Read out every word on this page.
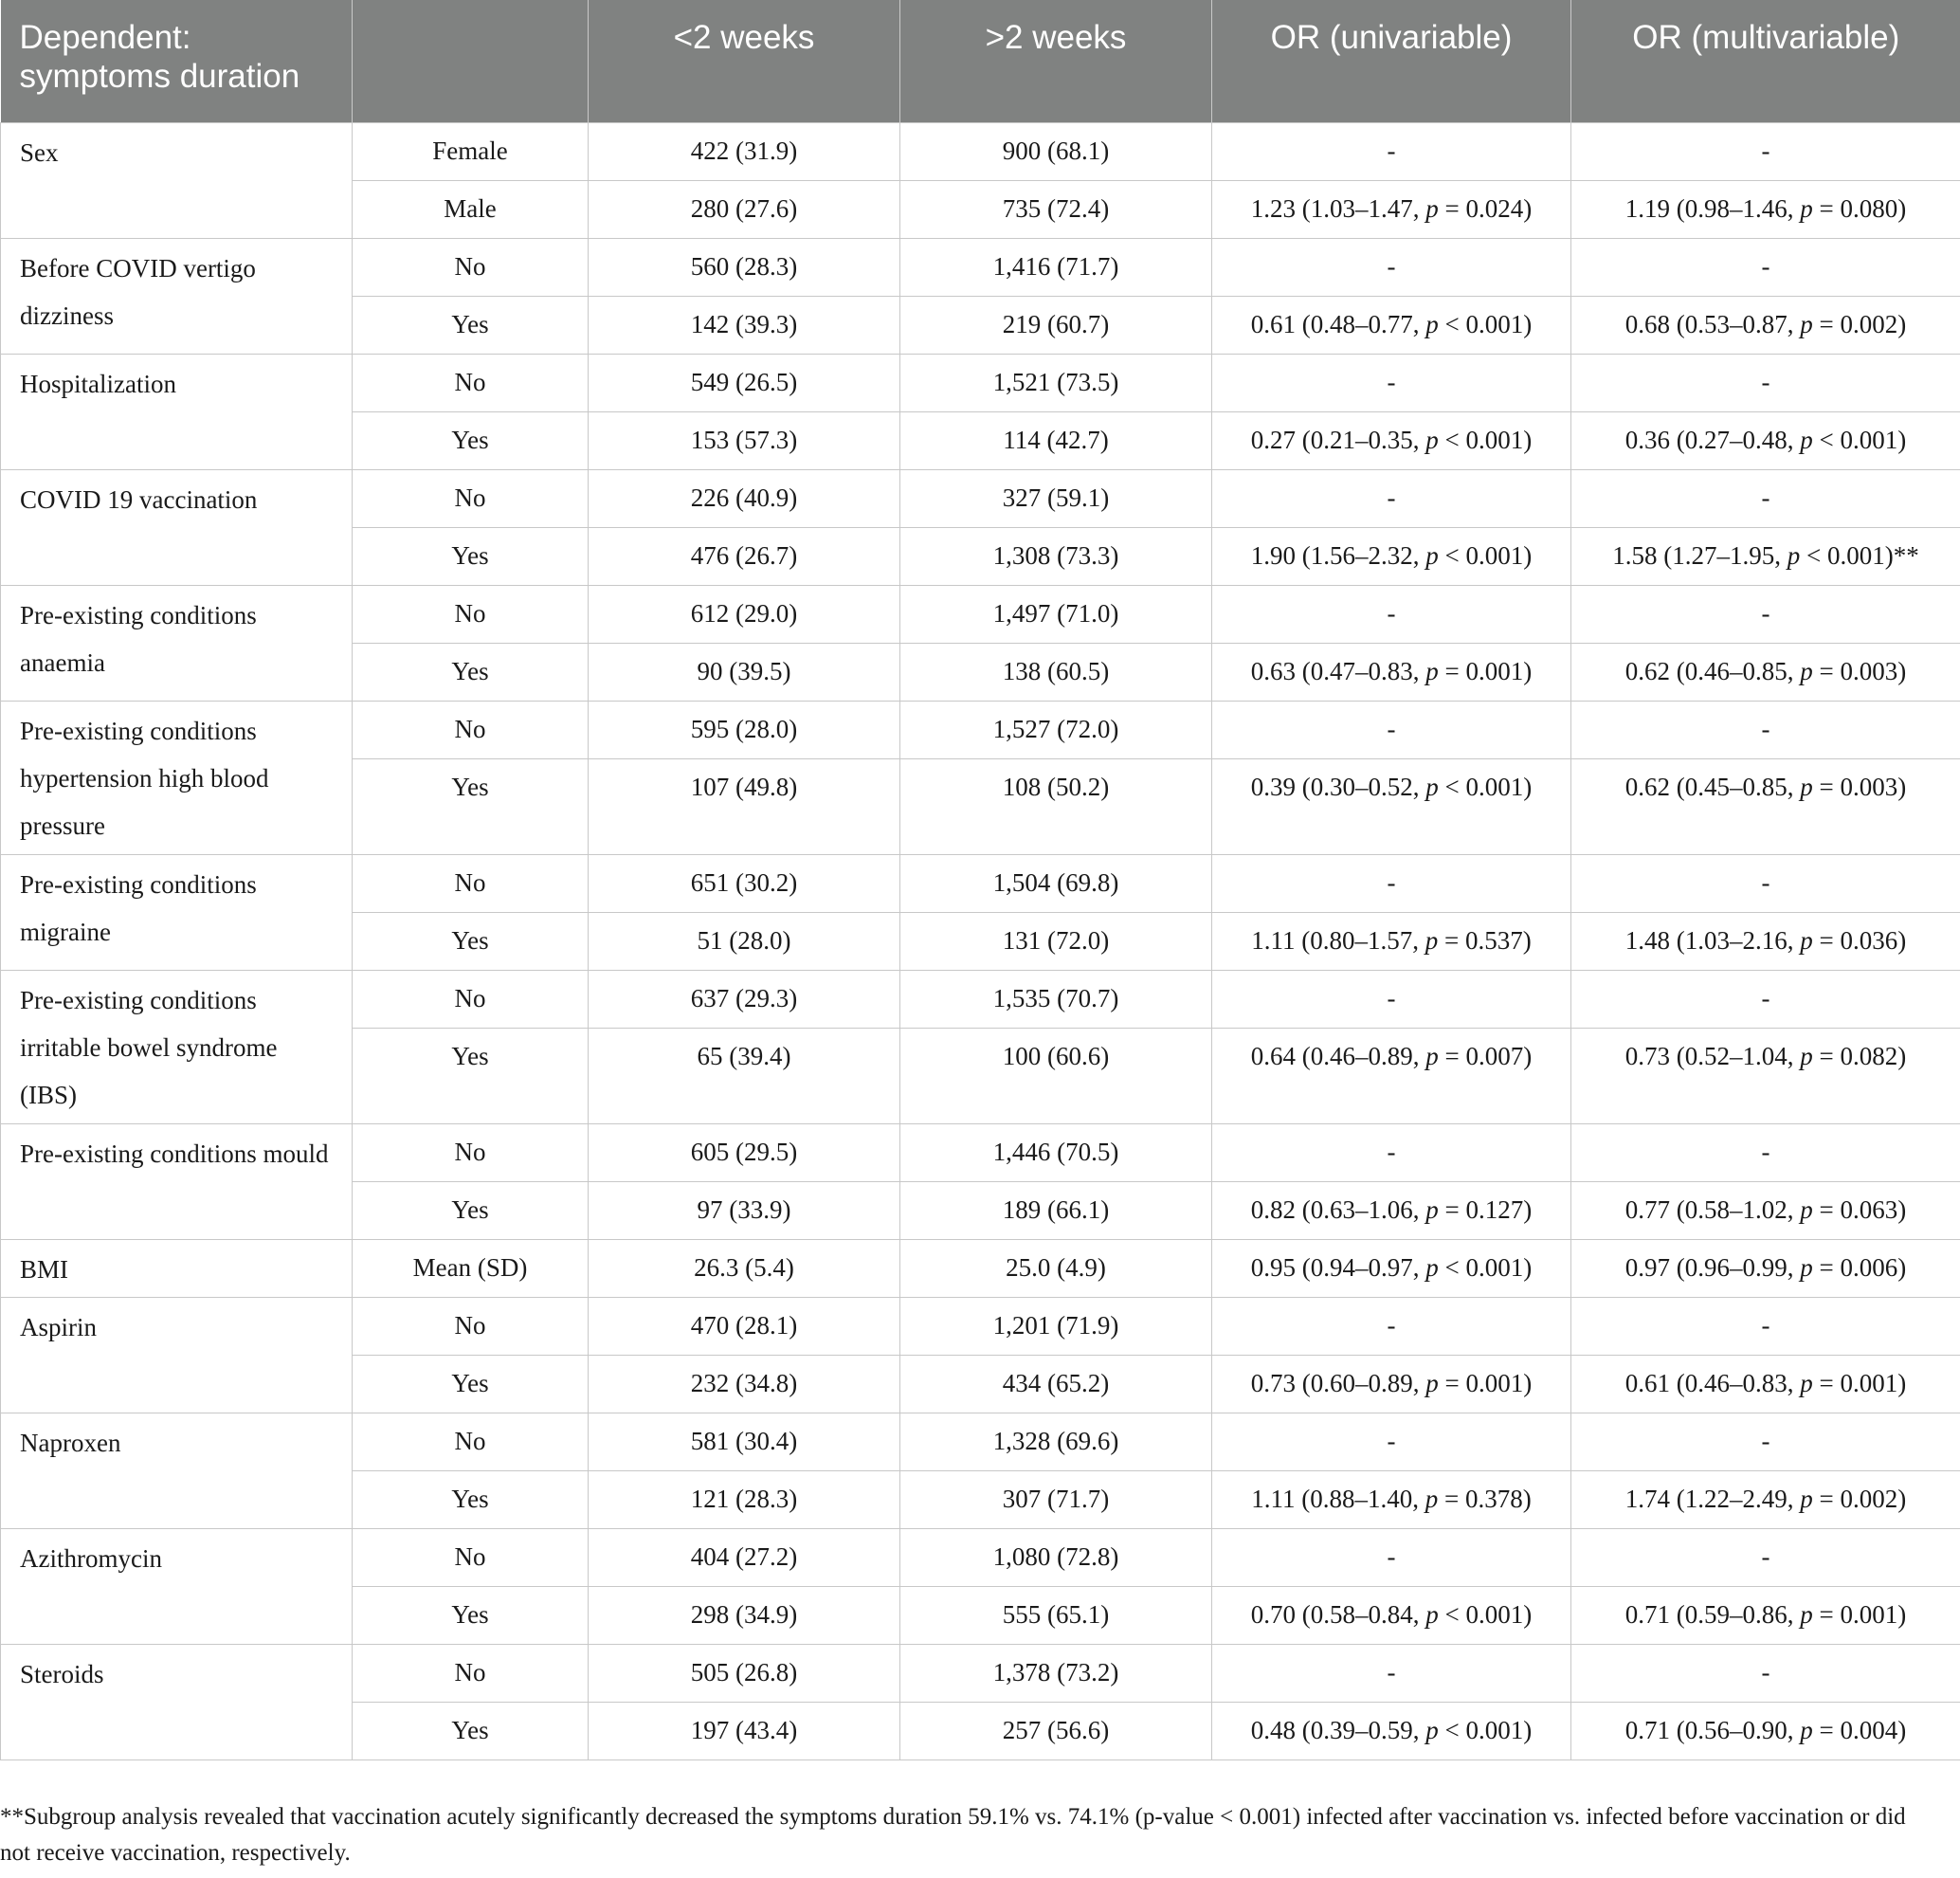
Dependent: symptoms duration		<2 weeks	>2 weeks	OR (univariable)	OR (multivariable)
Sex	Female	422 (31.9)	900 (68.1)	-	-
	Male	280 (27.6)	735 (72.4)	1.23 (1.03–1.47, p = 0.024)	1.19 (0.98–1.46, p = 0.080)
Before COVID vertigo dizziness	No	560 (28.3)	1,416 (71.7)	-	-
	Yes	142 (39.3)	219 (60.7)	0.61 (0.48–0.77, p < 0.001)	0.68 (0.53–0.87, p = 0.002)
Hospitalization	No	549 (26.5)	1,521 (73.5)	-	-
	Yes	153 (57.3)	114 (42.7)	0.27 (0.21–0.35, p < 0.001)	0.36 (0.27–0.48, p < 0.001)
COVID 19 vaccination	No	226 (40.9)	327 (59.1)	-	-
	Yes	476 (26.7)	1,308 (73.3)	1.90 (1.56–2.32, p < 0.001)	1.58 (1.27–1.95, p < 0.001)**
Pre-existing conditions anaemia	No	612 (29.0)	1,497 (71.0)	-	-
	Yes	90 (39.5)	138 (60.5)	0.63 (0.47–0.83, p = 0.001)	0.62 (0.46–0.85, p = 0.003)
Pre-existing conditions hypertension high blood pressure	No	595 (28.0)	1,527 (72.0)	-	-
	Yes	107 (49.8)	108 (50.2)	0.39 (0.30–0.52, p < 0.001)	0.62 (0.45–0.85, p = 0.003)
Pre-existing conditions migraine	No	651 (30.2)	1,504 (69.8)	-	-
	Yes	51 (28.0)	131 (72.0)	1.11 (0.80–1.57, p = 0.537)	1.48 (1.03–2.16, p = 0.036)
Pre-existing conditions irritable bowel syndrome (IBS)	No	637 (29.3)	1,535 (70.7)	-	-
	Yes	65 (39.4)	100 (60.6)	0.64 (0.46–0.89, p = 0.007)	0.73 (0.52–1.04, p = 0.082)
Pre-existing conditions mould	No	605 (29.5)	1,446 (70.5)	-	-
	Yes	97 (33.9)	189 (66.1)	0.82 (0.63–1.06, p = 0.127)	0.77 (0.58–1.02, p = 0.063)
BMI	Mean (SD)	26.3 (5.4)	25.0 (4.9)	0.95 (0.94–0.97, p < 0.001)	0.97 (0.96–0.99, p = 0.006)
Aspirin	No	470 (28.1)	1,201 (71.9)	-	-
	Yes	232 (34.8)	434 (65.2)	0.73 (0.60–0.89, p = 0.001)	0.61 (0.46–0.83, p = 0.001)
Naproxen	No	581 (30.4)	1,328 (69.6)	-	-
	Yes	121 (28.3)	307 (71.7)	1.11 (0.88–1.40, p = 0.378)	1.74 (1.22–2.49, p = 0.002)
Azithromycin	No	404 (27.2)	1,080 (72.8)	-	-
	Yes	298 (34.9)	555 (65.1)	0.70 (0.58–0.84, p < 0.001)	0.71 (0.59–0.86, p = 0.001)
Steroids	No	505 (26.8)	1,378 (73.2)	-	-
	Yes	197 (43.4)	257 (56.6)	0.48 (0.39–0.59, p < 0.001)	0.71 (0.56–0.90, p = 0.004)
**Subgroup analysis revealed that vaccination acutely significantly decreased the symptoms duration 59.1% vs. 74.1% (p-value < 0.001) infected after vaccination vs. infected before vaccination or did not receive vaccination, respectively.
